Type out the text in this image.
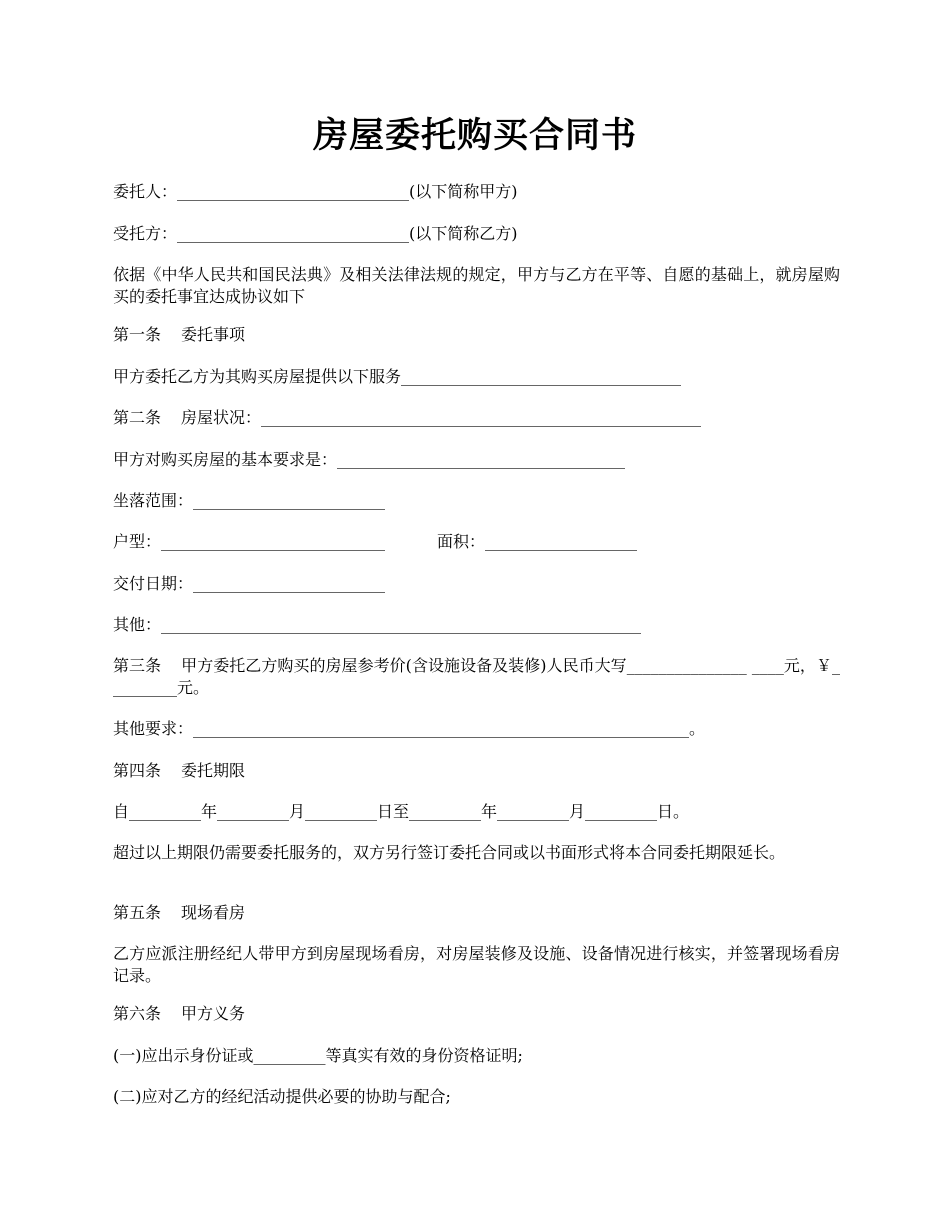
房屋委托购买合同书
委托人：_____________________________(以下简称甲方)
受托方：_____________________________(以下简称乙方)
依据《中华人民共和国民法典》及相关法律法规的规定，甲方与乙方在平等、自愿的基础上，就房屋购买的委托事宜达成协议如下
第一条 委托事项
甲方委托乙方为其购买房屋提供以下服务___________________________________
第二条 房屋状况：_______________________________________________________
甲方对购买房屋的基本要求是：____________________________________
坐落范围：________________________
户型：____________________________	面积：___________________
交付日期：________________________
其他：____________________________________________________________
第三条 甲方委托乙方购买的房屋参考价(含设施设备及装修)人民币大写_______________ ____元，￥_________元。
其他要求：______________________________________________________________。
第四条 委托期限
自_________年_________月_________日至_________年_________月_________日。
超过以上期限仍需要委托服务的，双方另行签订委托合同或以书面形式将本合同委托期限延长。
第五条 现场看房
乙方应派注册经纪人带甲方到房屋现场看房，对房屋装修及设施、设备情况进行核实，并签署现场看房记录。
第六条 甲方义务
(一)应出示身份证或_________等真实有效的身份资格证明;
(二)应对乙方的经纪活动提供必要的协助与配合;
